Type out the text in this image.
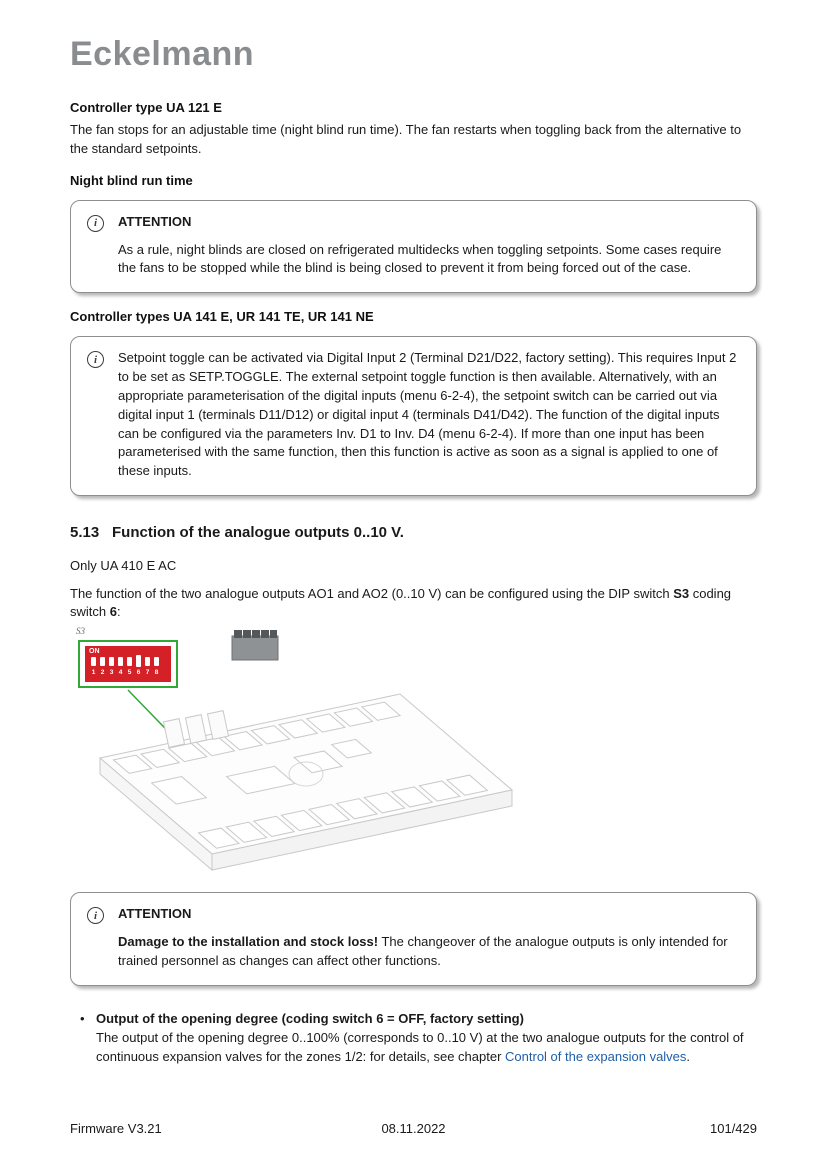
Eckelmann
Controller type UA 121 E

The fan stops for an adjustable time (night blind run time). The fan restarts when toggling back from the alternative to the standard setpoints.

Night blind run time
i	ATTENTION

As a rule, night blinds are closed on refrigerated multidecks when toggling setpoints. Some cases require the fans to be stopped while the blind is being closed to prevent it from being forced out of the case.

Controller types UA 141 E, UR 141 TE, UR 141 NE
i	Setpoint toggle can be activated via Digital Input 2 (Terminal D21/D22, factory setting). This requires Input 2 to be set as SETP.TOGGLE. The external setpoint toggle function is then available. Alternatively, with an appropriate parameterisation of the digital inputs (menu 6-2-4), the setpoint switch can be carried out via digital input 1 (terminals D11/D12) or digital input 4 (terminals D41/D42). The function of the digital inputs can be configured via the parameters Inv. D1 to Inv. D4 (menu 6-2-4). If more than one input has been parameterised with the same function, then this function is active as soon as a signal is applied to one of these inputs.

5.13 Function of the analogue outputs 0..10 V.

Only UA 410 E AC

The function of the two analogue outputs AO1 and AO2 (0..10 V) can be configured using the DIP switch S3 coding switch 6:

S3
ON
1 2 3 4 5 6 7 8
i	ATTENTION

Damage to the installation and stock loss! The changeover of the analogue outputs is only intended for trained personnel as changes can affect other functions.

• Output of the opening degree (coding switch 6 = OFF, factory setting)

The output of the opening degree 0..100% (corresponds to 0..10 V) at the two analogue outputs for the control of continuous expansion valves for the zones 1/2: for details, see chapter Control of the expansion valves.

Firmware V3.21	08.11.2022	101/429
